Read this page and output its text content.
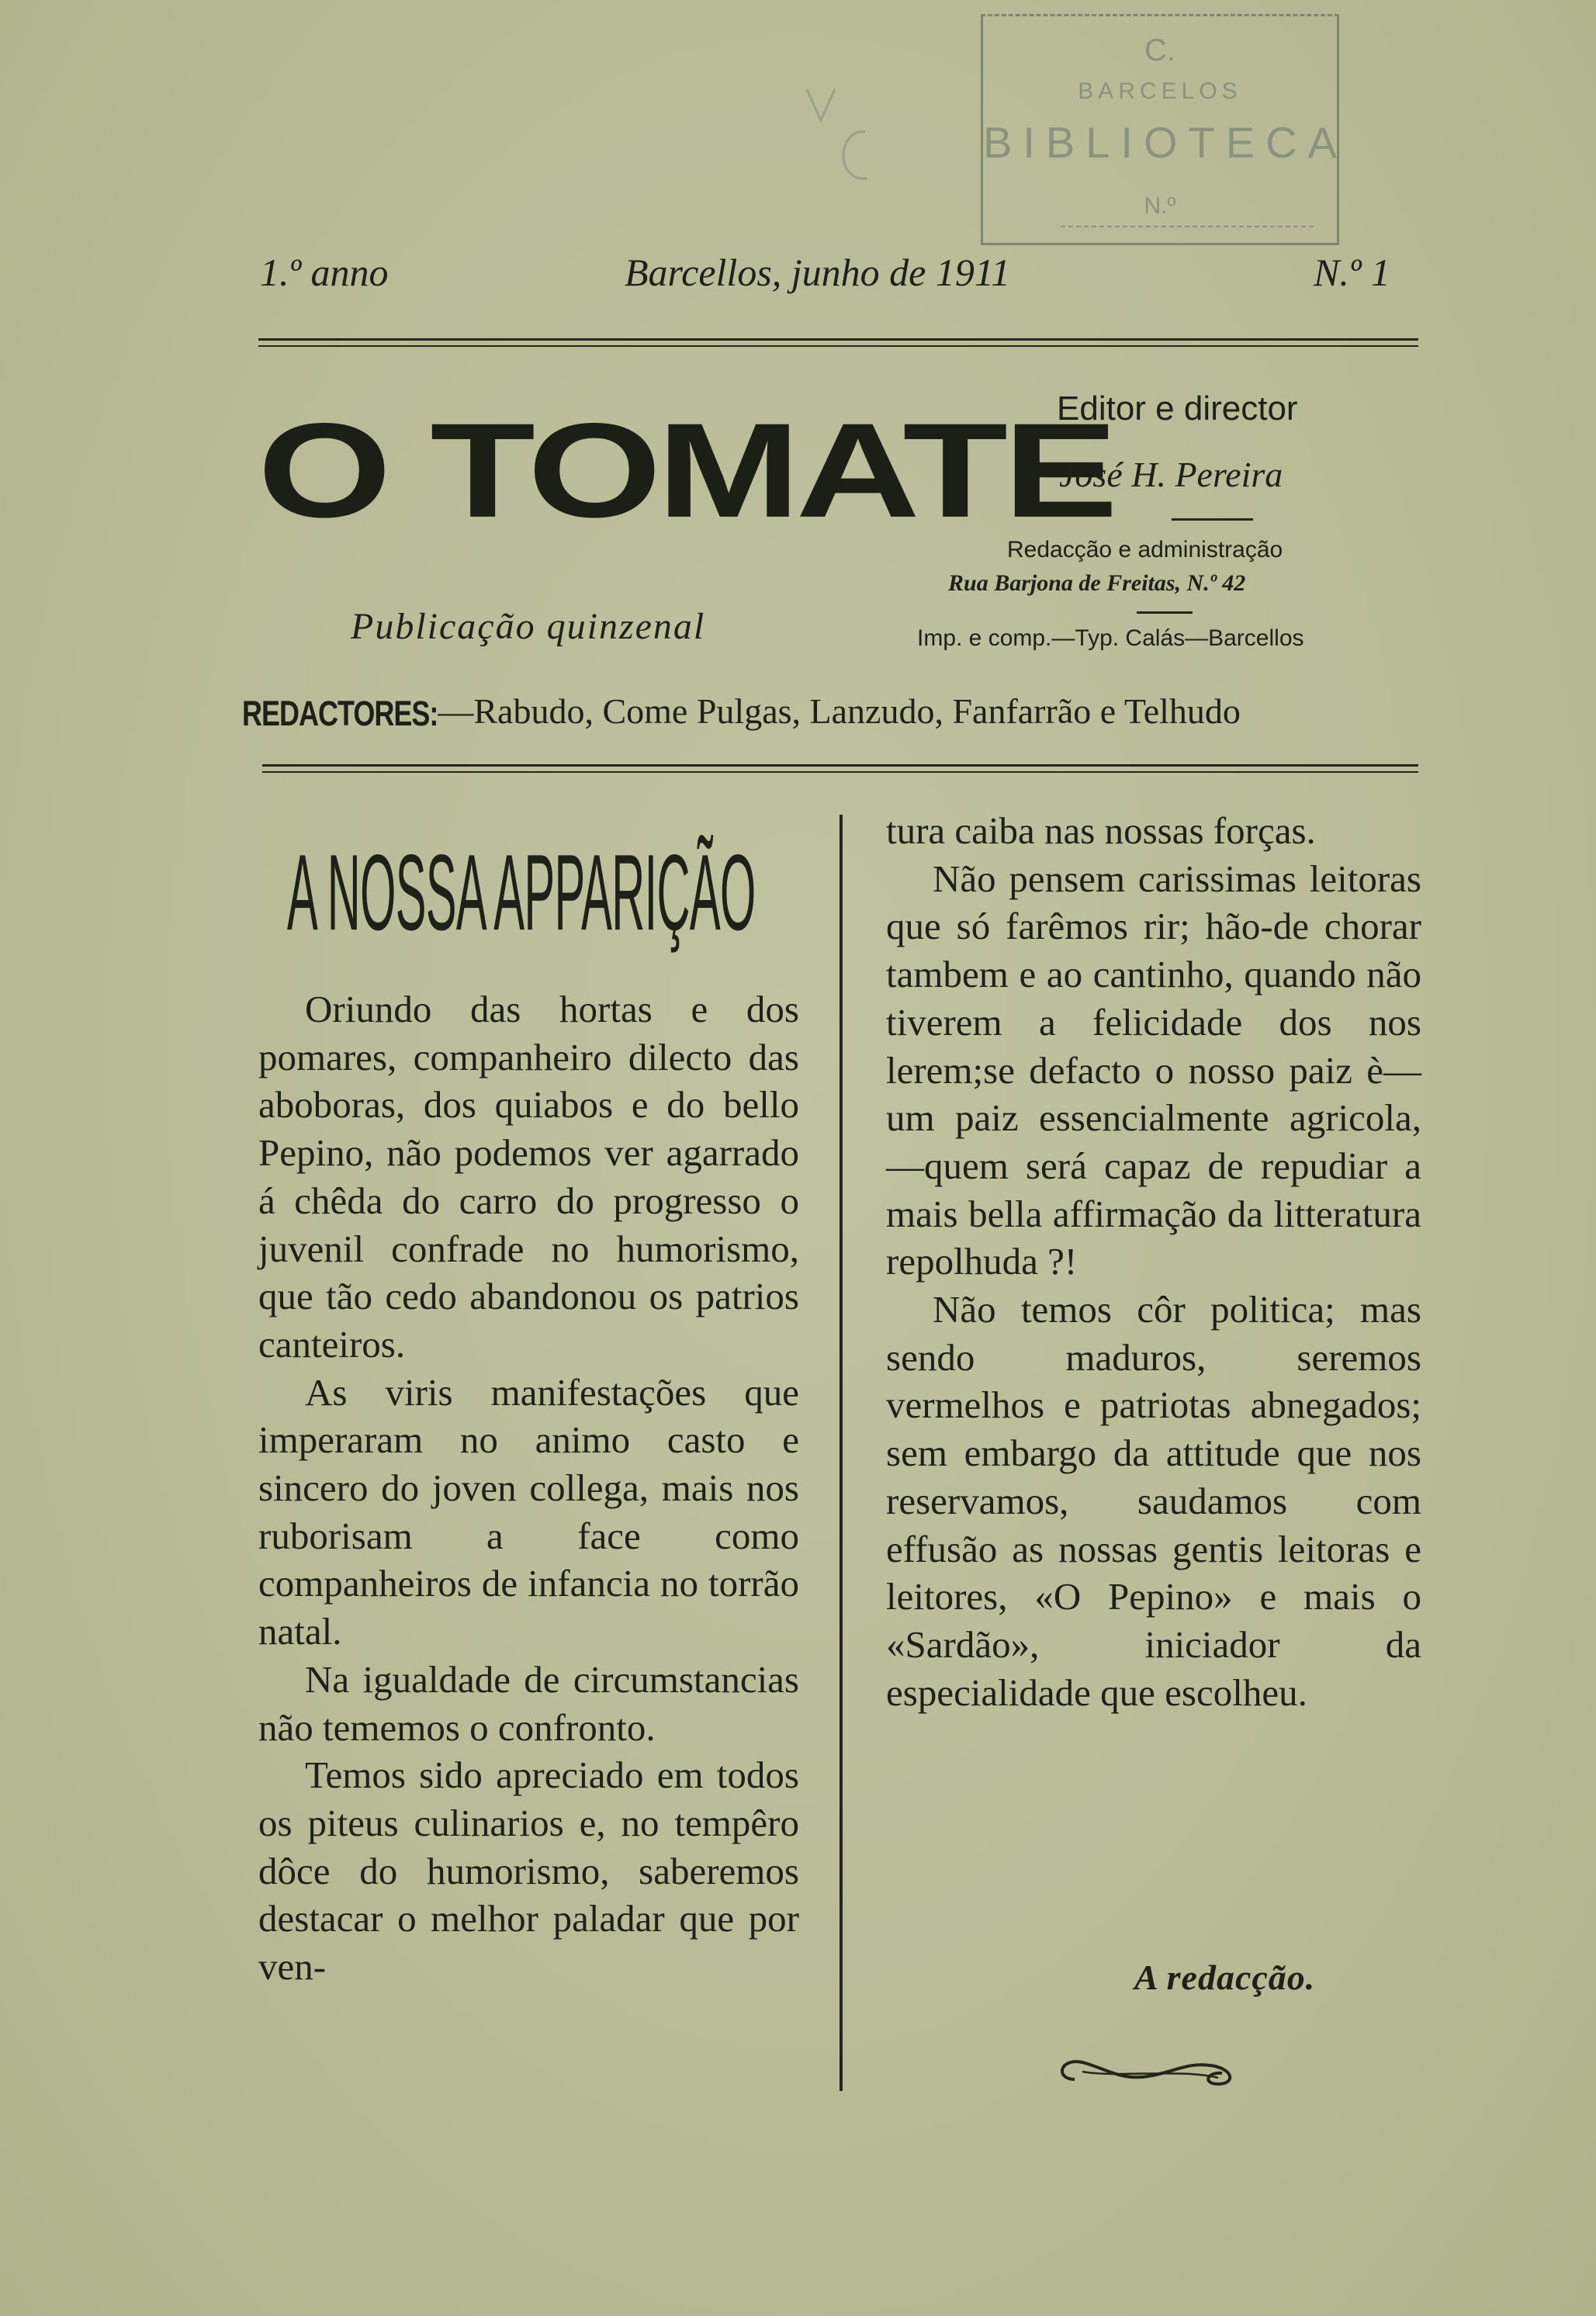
C.
BARCELOS
BIBLIOTECA
N.º
1.º anno	Barcellos, junho de 1911	N.º 1
O TOMATE
Publicação quinzenal
Editor e director
José H. Pereira
Redacção e administração
Rua Barjona de Freitas, N.º 42
Imp. e comp.—Typ. Calás—Barcellos
REDACTORES:—Rabudo, Come Pulgas, Lanzudo, Fanfarrão e Telhudo
A NOSSA APPARIÇÃO

Oriundo das hortas e dos pomares, companheiro dilecto das aboboras, dos quiabos e do bello Pepino, não podemos ver agarrado á chêda do carro do progresso o juvenil confrade no humorismo, que tão cedo abandonou os patrios canteiros.

As viris manifestações que imperaram no animo casto e sincero do joven collega, mais nos ruborisam a face como companheiros de infancia no torrão natal.

Na igualdade de circumstancias não tememos o confronto.

Temos sido apreciado em todos os piteus culinarios e, no tempêro dôce do humorismo, saberemos destacar o melhor paladar que por ven-

tura caiba nas nossas forças.

Não pensem carissimas leitoras que só farêmos rir; hão-de chorar tambem e ao cantinho, quando não tiverem a felicidade dos nos lerem;se defacto o nosso paiz è—um paiz essencialmente agricola,—quem será capaz de repudiar a mais bella affirmação da litteratura repolhuda ?!

Não temos côr politica; mas sendo maduros, seremos vermelhos e patriotas abnegados; sem embargo da attitude que nos reservamos, saudamos com effusão as nossas gentis leitoras e leitores, «O Pepino» e mais o «Sardão», iniciador da especialidade que escolheu.

A redacção.
